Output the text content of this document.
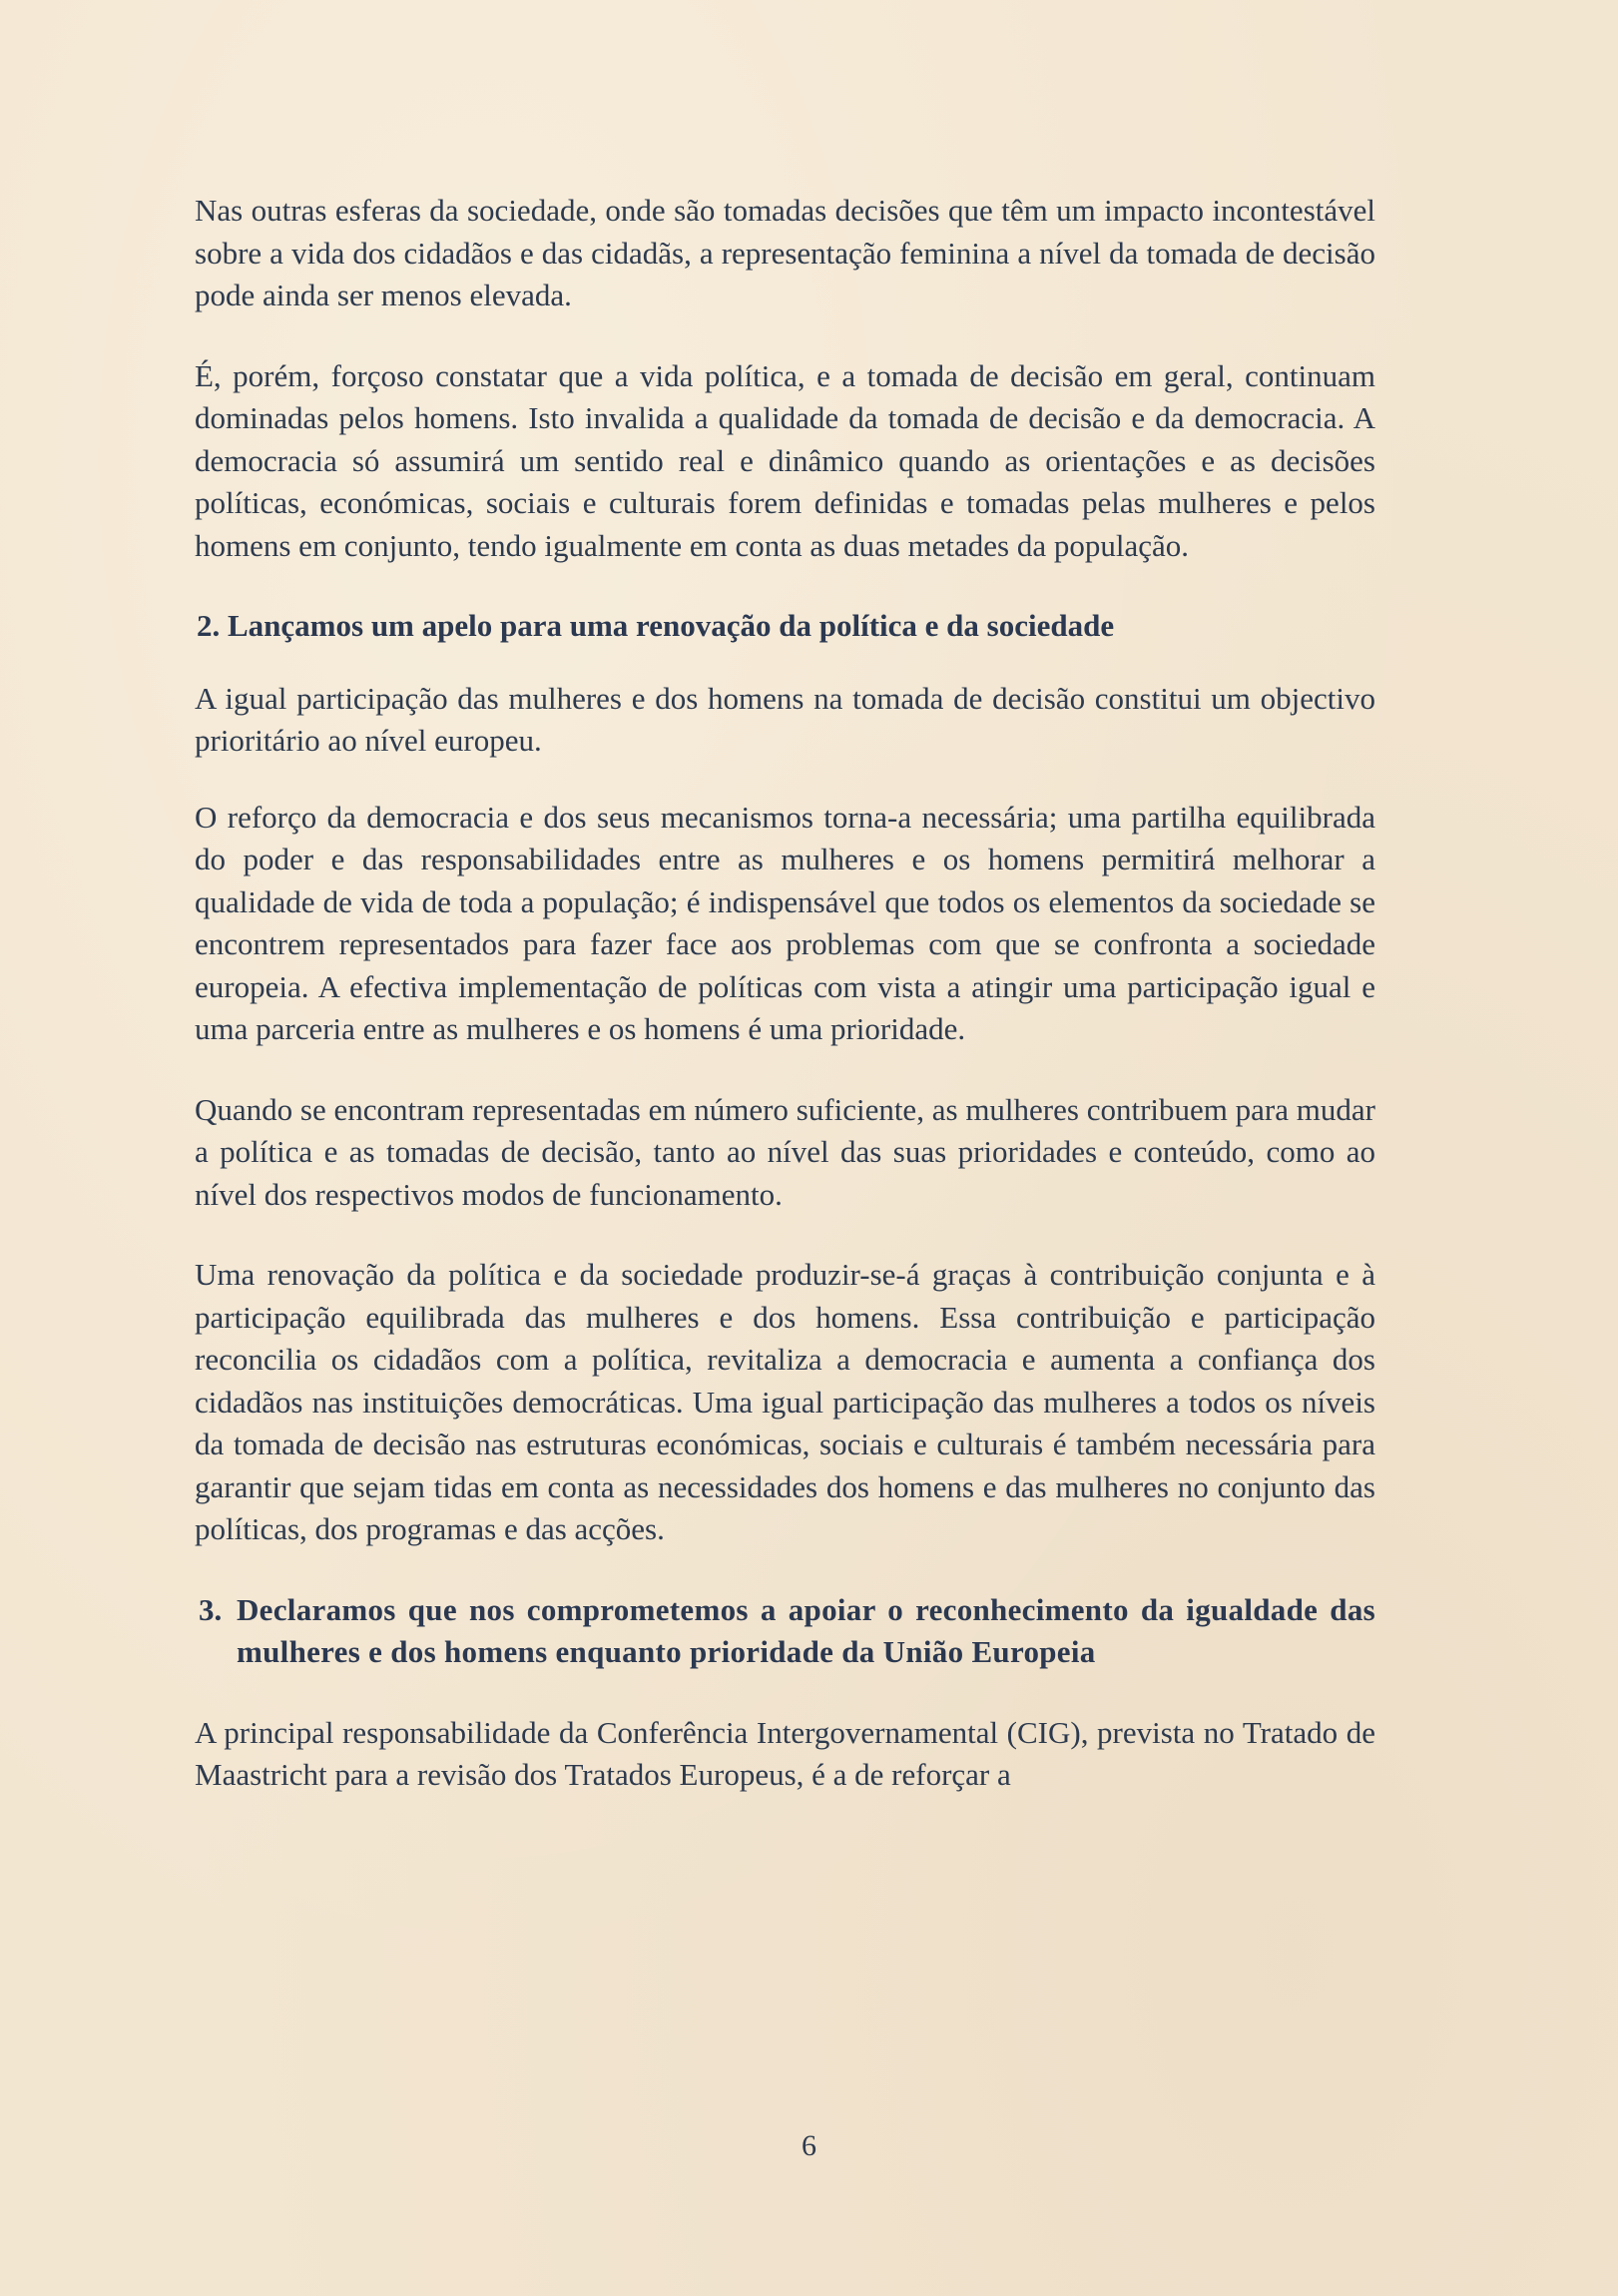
Nas outras esferas da sociedade, onde são tomadas decisões que têm um impacto incontestável sobre a vida dos cidadãos e das cidadãs, a representação feminina a nível da tomada de decisão pode ainda ser menos elevada.

É, porém, forçoso constatar que a vida política, e a tomada de decisão em geral, continuam dominadas pelos homens. Isto invalida a qualidade da tomada de decisão e da democracia. A democracia só assumirá um sentido real e dinâmico quando as orientações e as decisões políticas, económicas, sociais e culturais forem definidas e tomadas pelas mulheres e pelos homens em conjunto, tendo igualmente em conta as duas metades da população.

2. Lançamos um apelo para uma renovação da política e da sociedade

A igual participação das mulheres e dos homens na tomada de decisão constitui um objectivo prioritário ao nível europeu.

O reforço da democracia e dos seus mecanismos torna-a necessária; uma partilha equilibrada do poder e das responsabilidades entre as mulheres e os homens permitirá melhorar a qualidade de vida de toda a população; é indispensável que todos os elementos da sociedade se encontrem representados para fazer face aos problemas com que se confronta a sociedade europeia. A efectiva implementação de políticas com vista a atingir uma participação igual e uma parceria entre as mulheres e os homens é uma prioridade.

Quando se encontram representadas em número suficiente, as mulheres contribuem para mudar a política e as tomadas de decisão, tanto ao nível das suas prioridades e conteúdo, como ao nível dos respectivos modos de funcionamento.

Uma renovação da política e da sociedade produzir-se-á graças à contribuição conjunta e à participação equilibrada das mulheres e dos homens. Essa contribuição e participação reconcilia os cidadãos com a política, revitaliza a democracia e aumenta a confiança dos cidadãos nas instituições democráticas. Uma igual participação das mulheres a todos os níveis da tomada de decisão nas estruturas económicas, sociais e culturais é também necessária para garantir que sejam tidas em conta as necessidades dos homens e das mulheres no conjunto das políticas, dos programas e das acções.

3. Declaramos que nos comprometemos a apoiar o reconhecimento da igualdade das mulheres e dos homens enquanto prioridade da União Europeia

A principal responsabilidade da Conferência Intergovernamental (CIG), prevista no Tratado de Maastricht para a revisão dos Tratados Europeus, é a de reforçar a

6
